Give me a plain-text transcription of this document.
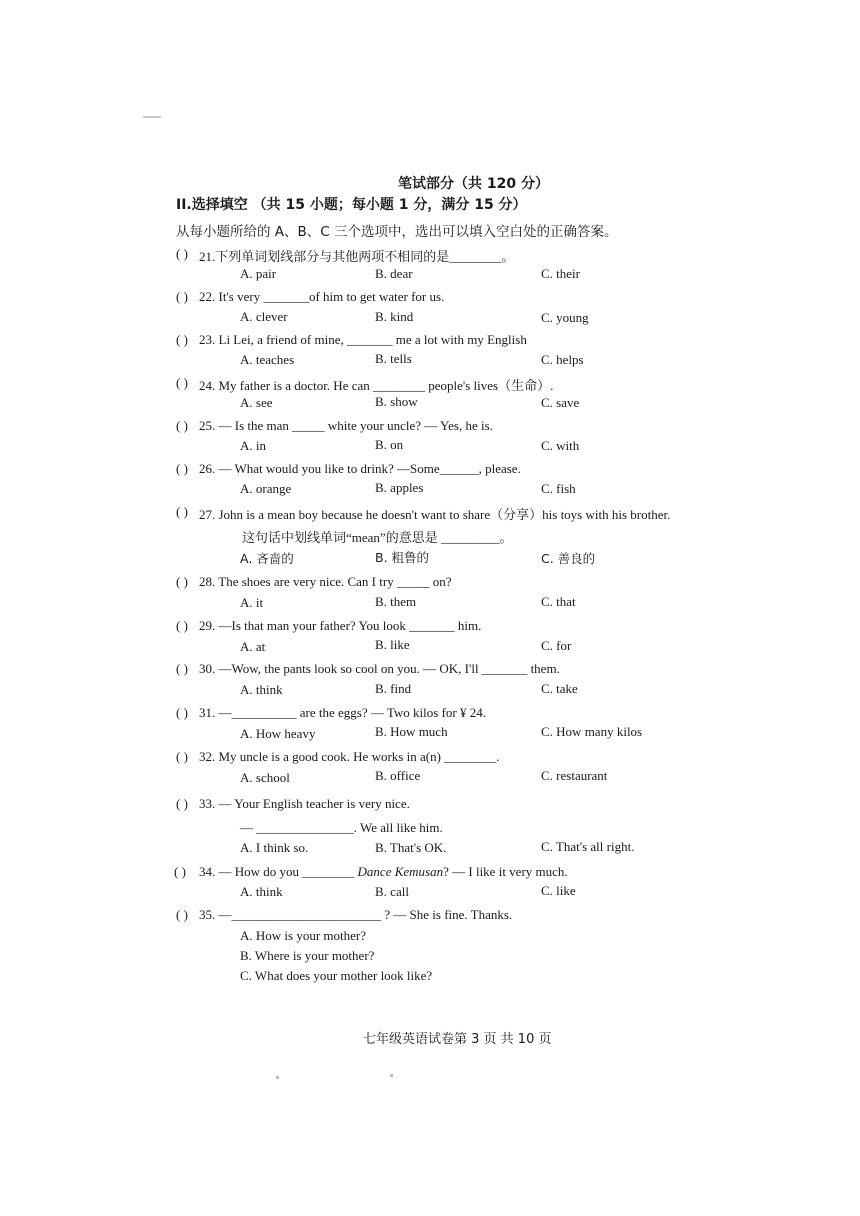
笔试部分（共 120 分）
II.选择填空 （共 15 小题；每小题 1 分，满分 15 分）
从每小题所给的 A、B、C 三个选项中，选出可以填入空白处的正确答案。
( ) 21.下列单词划线部分与其他两项不相同的是________。
A. pair	B. dear	C. their
( ) 22. It's very _______of him to get water for us.
A. clever	B. kind	C. young
( ) 23. Li Lei, a friend of mine, _______ me a lot with my English
A. teaches	B. tells	C. helps
( ) 24. My father is a doctor. He can ________ people's lives（生命）.
A. see	B. show	C. save
( ) 25. — Is the man _____ white your uncle? — Yes, he is.
A. in	B. on	C. with
( ) 26. — What would you like to drink? —Some______, please.
A. orange	B. apples	C. fish
( ) 27. John is a mean boy because he doesn't want to share（分享）his toys with his brother.
这句话中划线单词“mean”的意思是 _________。
A. 吝啬的	B. 粗鲁的	C. 善良的
( ) 28. The shoes are very nice. Can I try _____ on?
A. it	B. them	C. that
( ) 29. —Is that man your father? You look _______ him.
A. at	B. like	C. for
( ) 30. —Wow, the pants look so cool on you. — OK, I'll _______ them.
A. think	B. find	C. take
( ) 31. —__________ are the eggs? — Two kilos for ¥ 24.
A. How heavy	B. How much	C. How many kilos
( ) 32. My uncle is a good cook. He works in a(n) ________.
A. school	B. office	C. restaurant
( ) 33. — Your English teacher is very nice.
— _______________. We all like him.
A. I think so.	B. That's OK.	C. That's all right.
( ) 34. — How do you ________ Dance Kemusan? — I like it very much.
A. think	B. call	C. like
( ) 35. —_______________________ ? — She is fine. Thanks.
A. How is your mother?
B. Where is your mother?
C. What does your mother look like?
七年级英语试卷第 3 页 共 10 页
